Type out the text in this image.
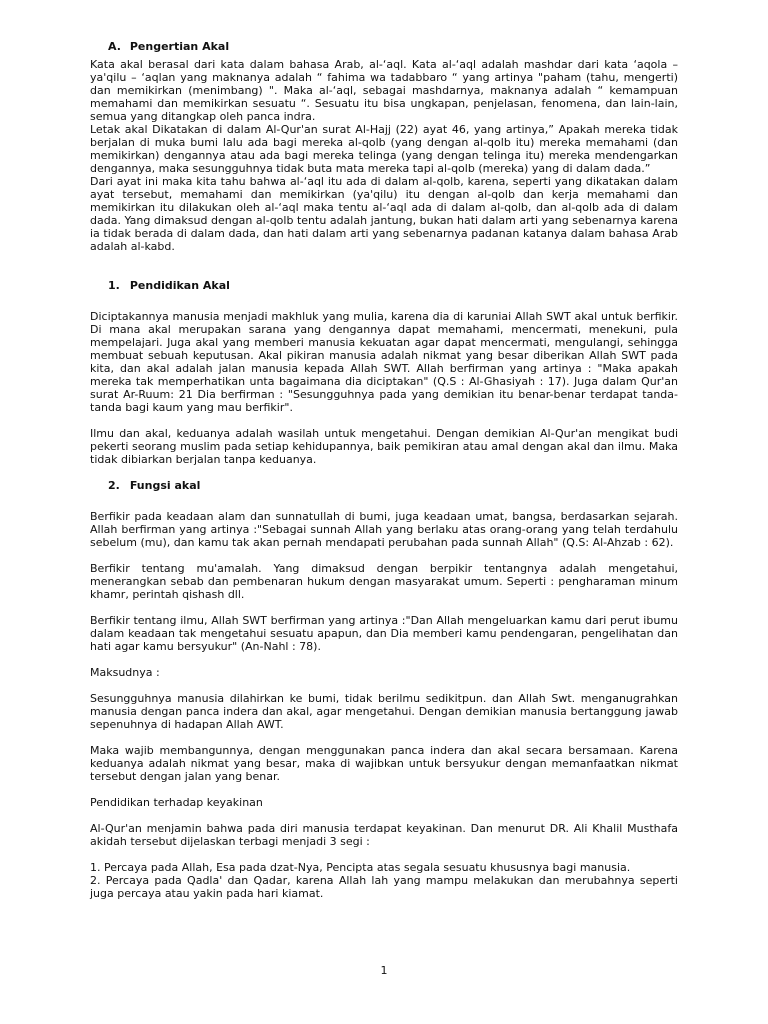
A. Pengertian Akal

Kata akal berasal dari kata dalam bahasa Arab, al-‘aql. Kata al-‘aql adalah mashdar dari kata ‘aqola – ya'qilu – ‘aqlan yang maknanya adalah “ fahima wa tadabbaro “ yang artinya "paham (tahu, mengerti) dan memikirkan (menimbang) ". Maka al-‘aql, sebagai mashdarnya, maknanya adalah “ kemampuan memahami dan memikirkan sesuatu “. Sesuatu itu bisa ungkapan, penjelasan, fenomena, dan lain-lain, semua yang ditangkap oleh panca indra.

Letak akal Dikatakan di dalam Al-Qur'an surat Al-Hajj (22) ayat 46, yang artinya,” Apakah mereka tidak berjalan di muka bumi lalu ada bagi mereka al-qolb (yang dengan al-qolb itu) mereka memahami (dan memikirkan) dengannya atau ada bagi mereka telinga (yang dengan telinga itu) mereka mendengarkan dengannya, maka sesungguhnya tidak buta mata mereka tapi al-qolb (mereka) yang di dalam dada.”

Dari ayat ini maka kita tahu bahwa al-‘aql itu ada di dalam al-qolb, karena, seperti yang dikatakan dalam ayat tersebut, memahami dan memikirkan (ya'qilu) itu dengan al-qolb dan kerja memahami dan memikirkan itu dilakukan oleh al-‘aql maka tentu al-‘aql ada di dalam al-qolb, dan al-qolb ada di dalam dada. Yang dimaksud dengan al-qolb tentu adalah jantung, bukan hati dalam arti yang sebenarnya karena ia tidak berada di dalam dada, dan hati dalam arti yang sebenarnya padanan katanya dalam bahasa Arab adalah al-kabd.

1. Pendidikan Akal

Diciptakannya manusia menjadi makhluk yang mulia, karena dia di karuniai Allah SWT akal untuk berfikir. Di mana akal merupakan sarana yang dengannya dapat memahami, mencermati, menekuni, pula mempelajari. Juga akal yang memberi manusia kekuatan agar dapat mencermati, mengulangi, sehingga membuat sebuah keputusan. Akal pikiran manusia adalah nikmat yang besar diberikan Allah SWT pada kita, dan akal adalah jalan manusia kepada Allah SWT. Allah berfirman yang artinya : "Maka apakah mereka tak memperhatikan unta bagaimana dia diciptakan" (Q.S : Al-Ghasiyah : 17). Juga dalam Qur'an surat Ar-Ruum: 21 Dia berfirman : "Sesungguhnya pada yang demikian itu benar-benar terdapat tanda-tanda bagi kaum yang mau berfikir".

Ilmu dan akal, keduanya adalah wasilah untuk mengetahui. Dengan demikian Al-Qur'an mengikat budi pekerti seorang muslim pada setiap kehidupannya, baik pemikiran atau amal dengan akal dan ilmu. Maka tidak dibiarkan berjalan tanpa keduanya.

2. Fungsi akal

Berfikir pada keadaan alam dan sunnatullah di bumi, juga keadaan umat, bangsa, berdasarkan sejarah. Allah berfirman yang artinya :"Sebagai sunnah Allah yang berlaku atas orang-orang yang telah terdahulu sebelum (mu), dan kamu tak akan pernah mendapati perubahan pada sunnah Allah" (Q.S: Al-Ahzab : 62).

Berfikir tentang mu'amalah. Yang dimaksud dengan berpikir tentangnya adalah mengetahui, menerangkan sebab dan pembenaran hukum dengan masyarakat umum. Seperti : pengharaman minum khamr, perintah qishash dll.

Berfikir tentang ilmu, Allah SWT berfirman yang artinya :"Dan Allah mengeluarkan kamu dari perut ibumu dalam keadaan tak mengetahui sesuatu apapun, dan Dia memberi kamu pendengaran, pengelihatan dan hati agar kamu bersyukur" (An-Nahl : 78).

Maksudnya :

Sesungguhnya manusia dilahirkan ke bumi, tidak berilmu sedikitpun. dan Allah Swt. menganugrahkan manusia dengan panca indera dan akal, agar mengetahui. Dengan demikian manusia bertanggung jawab sepenuhnya di hadapan Allah AWT.

Maka wajib membangunnya, dengan menggunakan panca indera dan akal secara bersamaan. Karena keduanya adalah nikmat yang besar, maka di wajibkan untuk bersyukur dengan memanfaatkan nikmat tersebut dengan jalan yang benar.

Pendidikan terhadap keyakinan

Al-Qur'an menjamin bahwa pada diri manusia terdapat keyakinan. Dan menurut DR. Ali Khalil Musthafa akidah tersebut dijelaskan terbagi menjadi 3 segi :

1. Percaya pada Allah, Esa pada dzat-Nya, Pencipta atas segala sesuatu khususnya bagi manusia.

2. Percaya pada Qadla' dan Qadar, karena Allah lah yang mampu melakukan dan merubahnya seperti juga percaya atau yakin pada hari kiamat.

1
